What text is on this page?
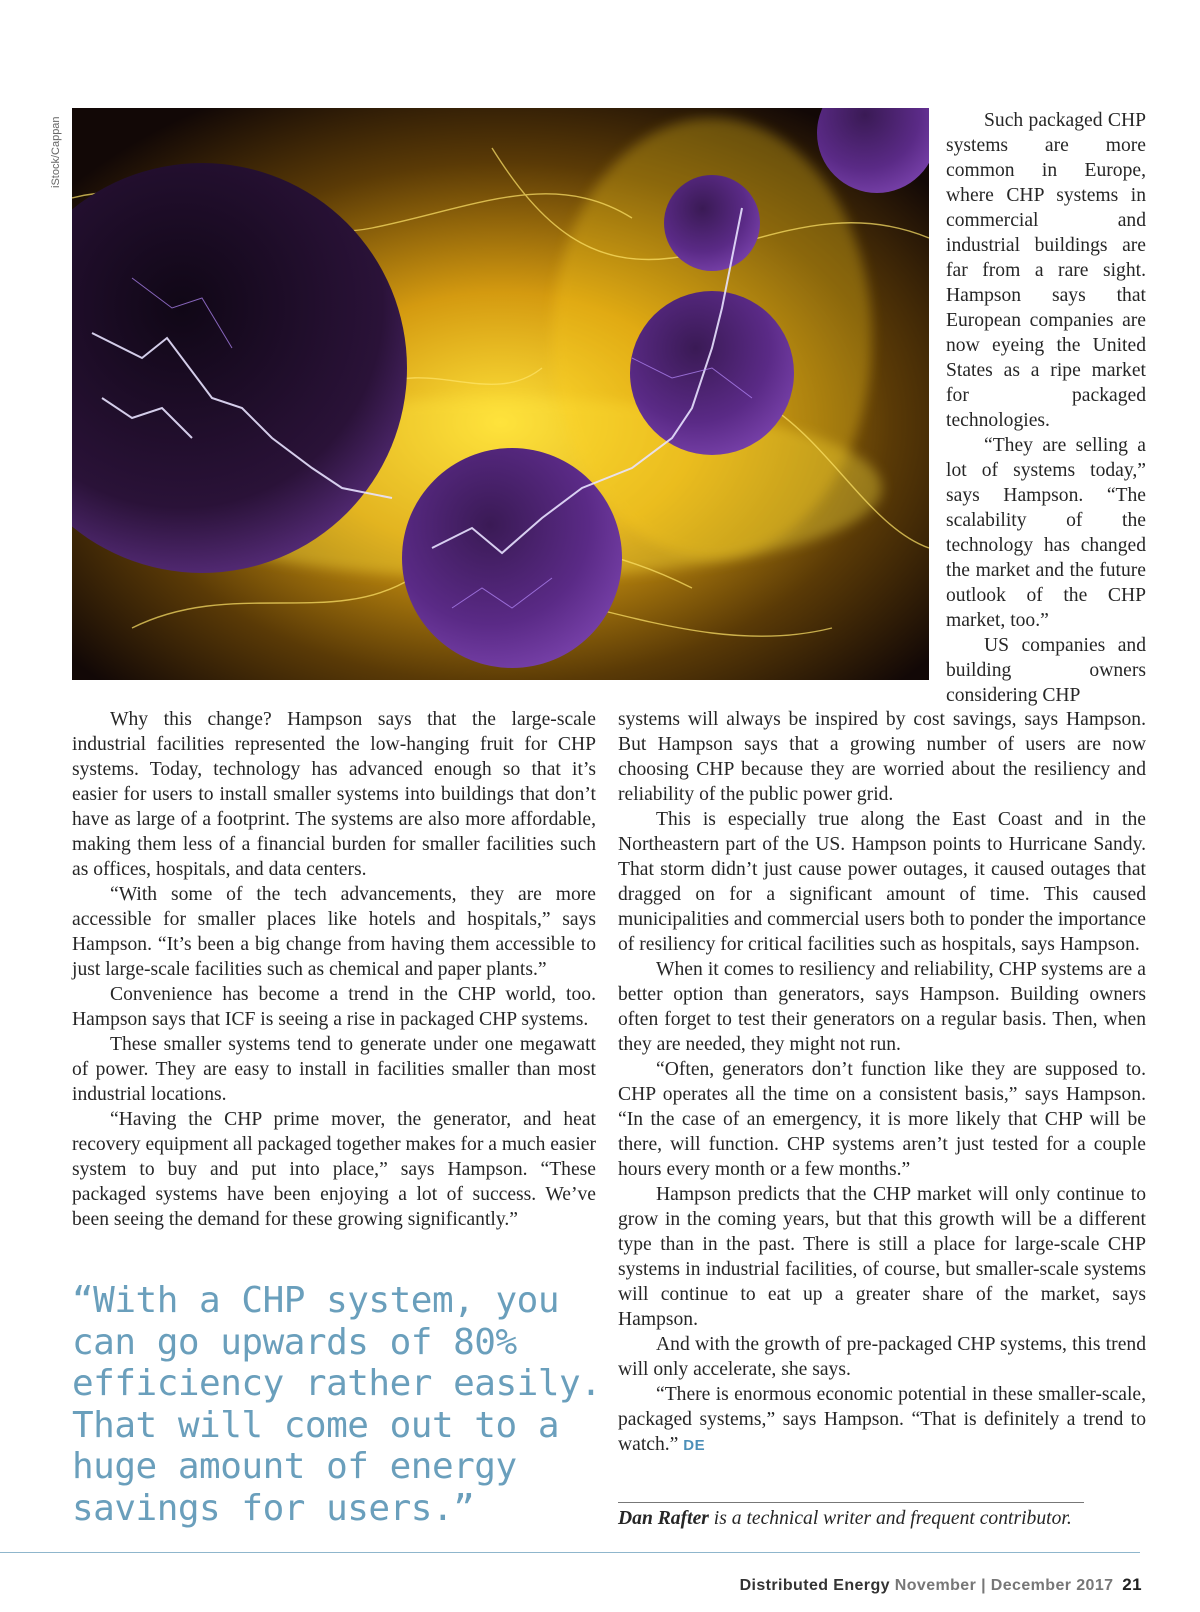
iStock/Cappan	Such packaged CHP systems are more common in Europe, where CHP systems in commercial and industrial buildings are far from a rare sight. Hampson says that European companies are now eyeing the United States as a ripe market for packaged technologies.

“They are selling a lot of systems today,” says Hampson. “The scalability of the technology has changed the market and the future outlook of the CHP market, too.”

US companies and building owners considering CHP

Why this change? Hampson says that the large-scale industrial facilities represented the low-hanging fruit for CHP systems. Today, technology has advanced enough so that it’s easier for users to install smaller systems into buildings that don’t have as large of a footprint. The systems are also more affordable, making them less of a financial burden for smaller facilities such as offices, hospitals, and data centers.

“With some of the tech advancements, they are more accessible for smaller places like hotels and hospitals,” says Hampson. “It’s been a big change from having them accessible to just large-scale facilities such as chemical and paper plants.”

Convenience has become a trend in the CHP world, too. Hampson says that ICF is seeing a rise in packaged CHP systems.

These smaller systems tend to generate under one megawatt of power. They are easy to install in facilities smaller than most industrial locations.

“Having the CHP prime mover, the generator, and heat recovery equipment all packaged together makes for a much easier system to buy and put into place,” says Hampson. “These packaged systems have been enjoying a lot of success. We’ve been seeing the demand for these growing significantly.”

“With a CHP system, you can go upwards of 80% efficiency rather easily. That will come out to a huge amount of energy savings for users.”

systems will always be inspired by cost savings, says Hampson. But Hampson says that a growing number of users are now choosing CHP because they are worried about the resiliency and reliability of the public power grid.

This is especially true along the East Coast and in the Northeastern part of the US. Hampson points to Hurricane Sandy. That storm didn’t just cause power outages, it caused outages that dragged on for a significant amount of time. This caused municipalities and commercial users both to ponder the importance of resiliency for critical facilities such as hospitals, says Hampson.

When it comes to resiliency and reliability, CHP systems are a better option than generators, says Hampson. Building owners often forget to test their generators on a regular basis. Then, when they are needed, they might not run.

“Often, generators don’t function like they are supposed to. CHP operates all the time on a consistent basis,” says Hampson. “In the case of an emergency, it is more likely that CHP will be there, will function. CHP systems aren’t just tested for a couple hours every month or a few months.”

Hampson predicts that the CHP market will only continue to grow in the coming years, but that this growth will be a different type than in the past. There is still a place for large-scale CHP systems in industrial facilities, of course, but smaller-scale systems will continue to eat up a greater share of the market, says Hampson.

And with the growth of pre-packaged CHP systems, this trend will only accelerate, she says.

“There is enormous economic potential in these smaller-scale, packaged systems,” says Hampson. “That is definitely a trend to watch.” DE

Dan Rafter is a technical writer and frequent contributor.
Distributed Energy November | December 2017 21
